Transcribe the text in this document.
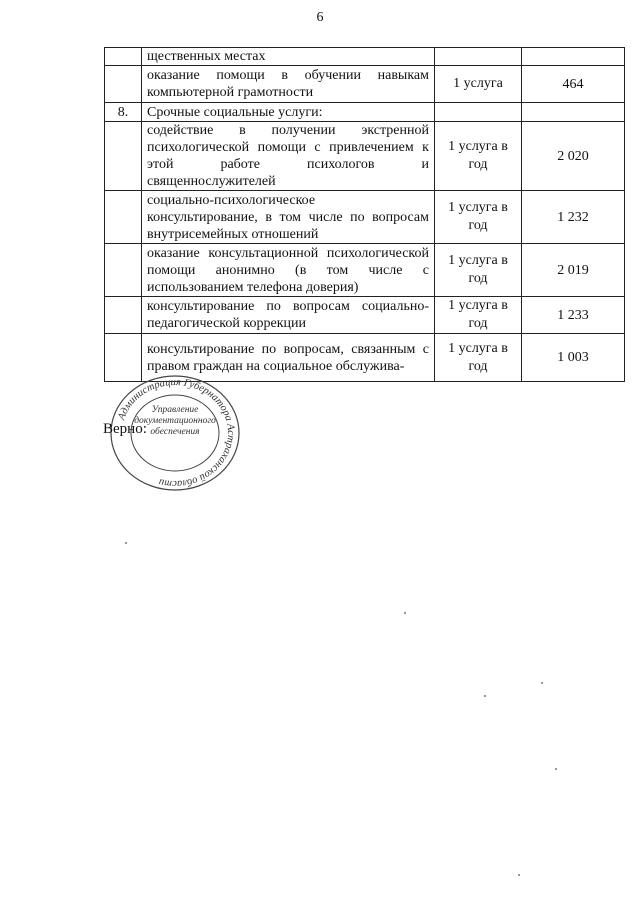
6
	щественных местах		
	оказание помощи в обучении навыкам компьютерной грамотности	1 услуга	464
8.	Срочные социальные услуги:		
	содействие в получении экстренной психологической помощи с привлечением к этой работе психологов и священнослужителей	1 услуга в год	2 020
	социально-психологическое консультирование, в том числе по вопросам внутрисемейных отношений	1 услуга в год	1 232
	оказание консультационной психологической помощи анонимно (в том числе с использованием телефона доверия)	1 услуга в год	2 019
	консультирование по вопросам социально-педагогической коррекции	1 услуга в год	1 233
	консультирование по вопросам, связанным с правом граждан на социальное обслужива-	1 услуга в год	1 003
Администрация Губернатора Астраханской области
Управление документационного обеспечения
Верно:
